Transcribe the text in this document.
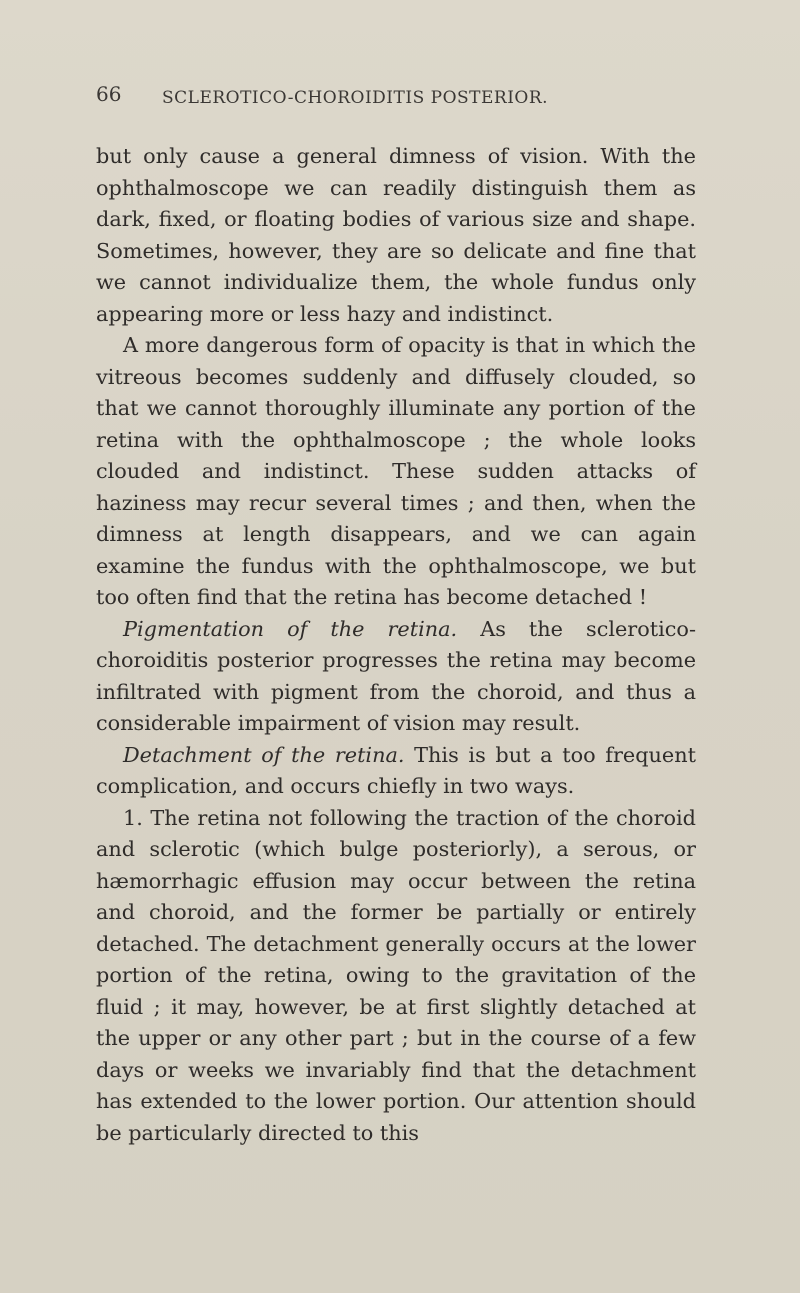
66 SCLEROTICO-CHOROIDITIS POSTERIOR.

but only cause a general dimness of vision. With the ophthalmoscope we can readily distinguish them as dark, fixed, or floating bodies of various size and shape. Sometimes, however, they are so delicate and fine that we cannot individualize them, the whole fundus only appearing more or less hazy and indistinct.

A more dangerous form of opacity is that in which the vitreous becomes suddenly and diffusely clouded, so that we cannot thoroughly illuminate any portion of the retina with the ophthalmoscope ; the whole looks clouded and indistinct. These sudden attacks of haziness may recur several times ; and then, when the dimness at length disappears, and we can again examine the fundus with the ophthalmoscope, we but too often find that the retina has become detached !

Pigmentation of the retina. As the sclerotico-choroiditis posterior progresses the retina may become infiltrated with pigment from the choroid, and thus a considerable impairment of vision may result.

Detachment of the retina. This is but a too frequent complication, and occurs chiefly in two ways.

1. The retina not following the traction of the choroid and sclerotic (which bulge posteriorly), a serous, or hæmorrhagic effusion may occur between the retina and choroid, and the former be partially or entirely detached. The detachment generally occurs at the lower portion of the retina, owing to the gravitation of the fluid ; it may, however, be at first slightly detached at the upper or any other part ; but in the course of a few days or weeks we invariably find that the detachment has extended to the lower portion. Our attention should be particularly directed to this
